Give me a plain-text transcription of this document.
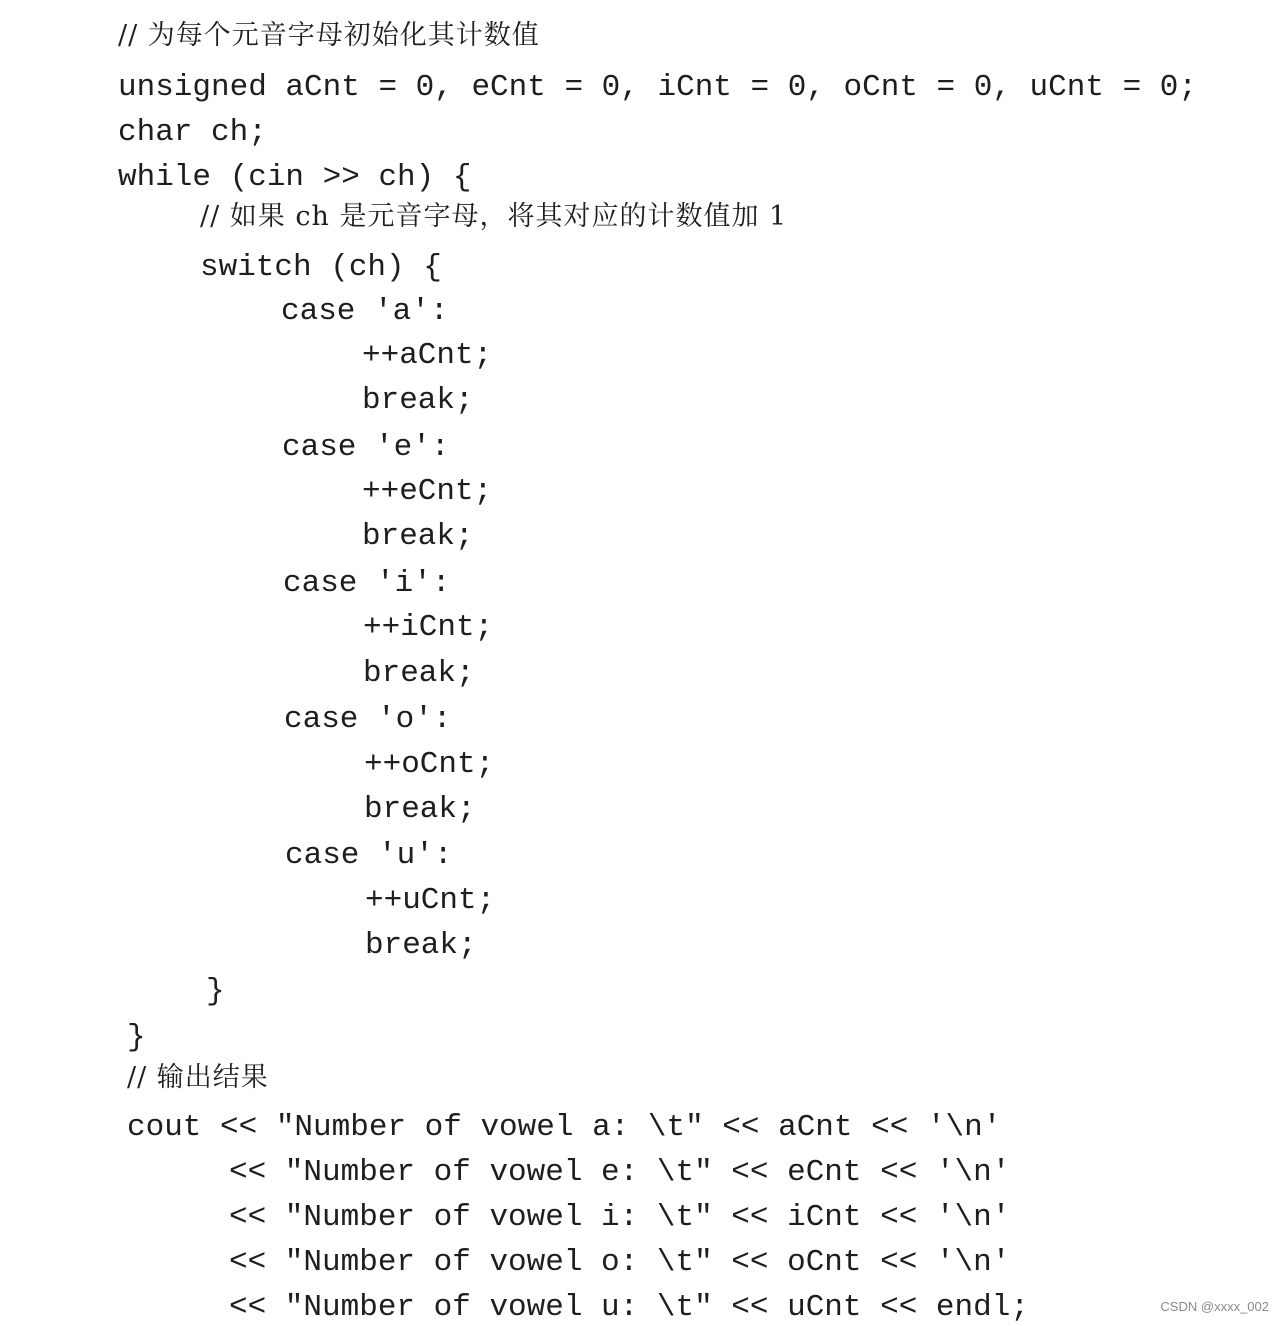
// 为每个元音字母初始化其计数值
unsigned aCnt = 0, eCnt = 0, iCnt = 0, oCnt = 0, uCnt = 0;
char ch;
while (cin >> ch) {
// 如果 ch 是元音字母，将其对应的计数值加 1
switch (ch) {
case 'a':
++aCnt;
break;
case 'e':
++eCnt;
break;
case 'i':
++iCnt;
break;
case 'o':
++oCnt;
break;
case 'u':
++uCnt;
break;
}
}
// 输出结果
cout << "Number of vowel a: \t" << aCnt << '\n'
<< "Number of vowel e: \t" << eCnt << '\n'
<< "Number of vowel i: \t" << iCnt << '\n'
<< "Number of vowel o: \t" << oCnt << '\n'
<< "Number of vowel u: \t" << uCnt << endl;	CSDN @xxxx_002
